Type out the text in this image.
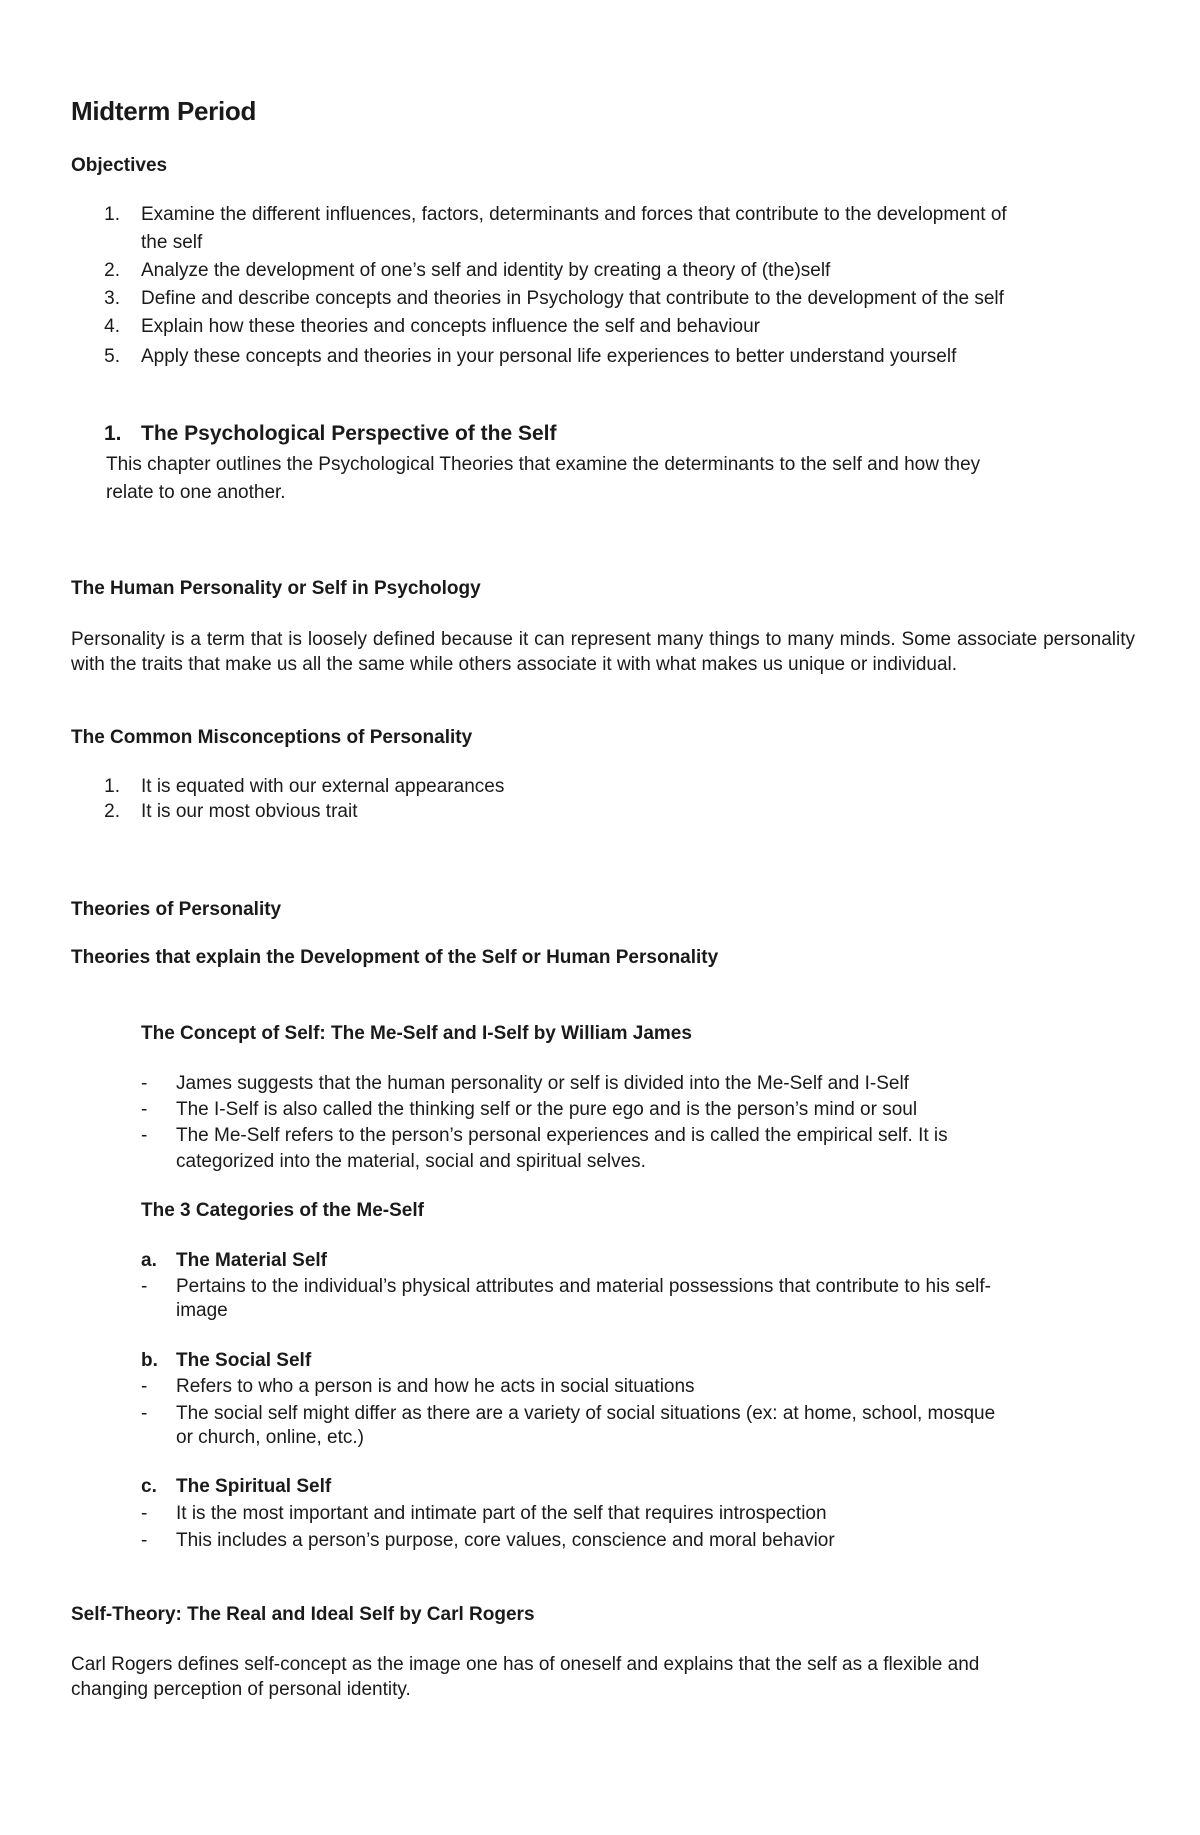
Midterm Period
Objectives
1. Examine the different influences, factors, determinants and forces that contribute to the development of
the self
2. Analyze the development of one’s self and identity by creating a theory of (the)self
3. Define and describe concepts and theories in Psychology that contribute to the development of the self
4. Explain how these theories and concepts influence the self and behaviour
5. Apply these concepts and theories in your personal life experiences to better understand yourself
1. The Psychological Perspective of the Self
This chapter outlines the Psychological Theories that examine the determinants to the self and how they
relate to one another.
The Human Personality or Self in Psychology
Personality is a term that is loosely defined because it can represent many things to many minds. Some associate personality with the traits that make us all the same while others associate it with what makes us unique or individual.
The Common Misconceptions of Personality
1. It is equated with our external appearances
2. It is our most obvious trait
Theories of Personality
Theories that explain the Development of the Self or Human Personality
The Concept of Self: The Me-Self and I-Self by William James
- James suggests that the human personality or self is divided into the Me-Self and I-Self
- The I-Self is also called the thinking self or the pure ego and is the person’s mind or soul
- The Me-Self refers to the person’s personal experiences and is called the empirical self. It is
categorized into the material, social and spiritual selves.
The 3 Categories of the Me-Self
a. The Material Self
- Pertains to the individual’s physical attributes and material possessions that contribute to his self-
image
b. The Social Self
- Refers to who a person is and how he acts in social situations
- The social self might differ as there are a variety of social situations (ex: at home, school, mosque
or church, online, etc.)
c. The Spiritual Self
- It is the most important and intimate part of the self that requires introspection
- This includes a person’s purpose, core values, conscience and moral behavior
Self-Theory: The Real and Ideal Self by Carl Rogers
Carl Rogers defines self-concept as the image one has of oneself and explains that the self as a flexible and
changing perception of personal identity.
